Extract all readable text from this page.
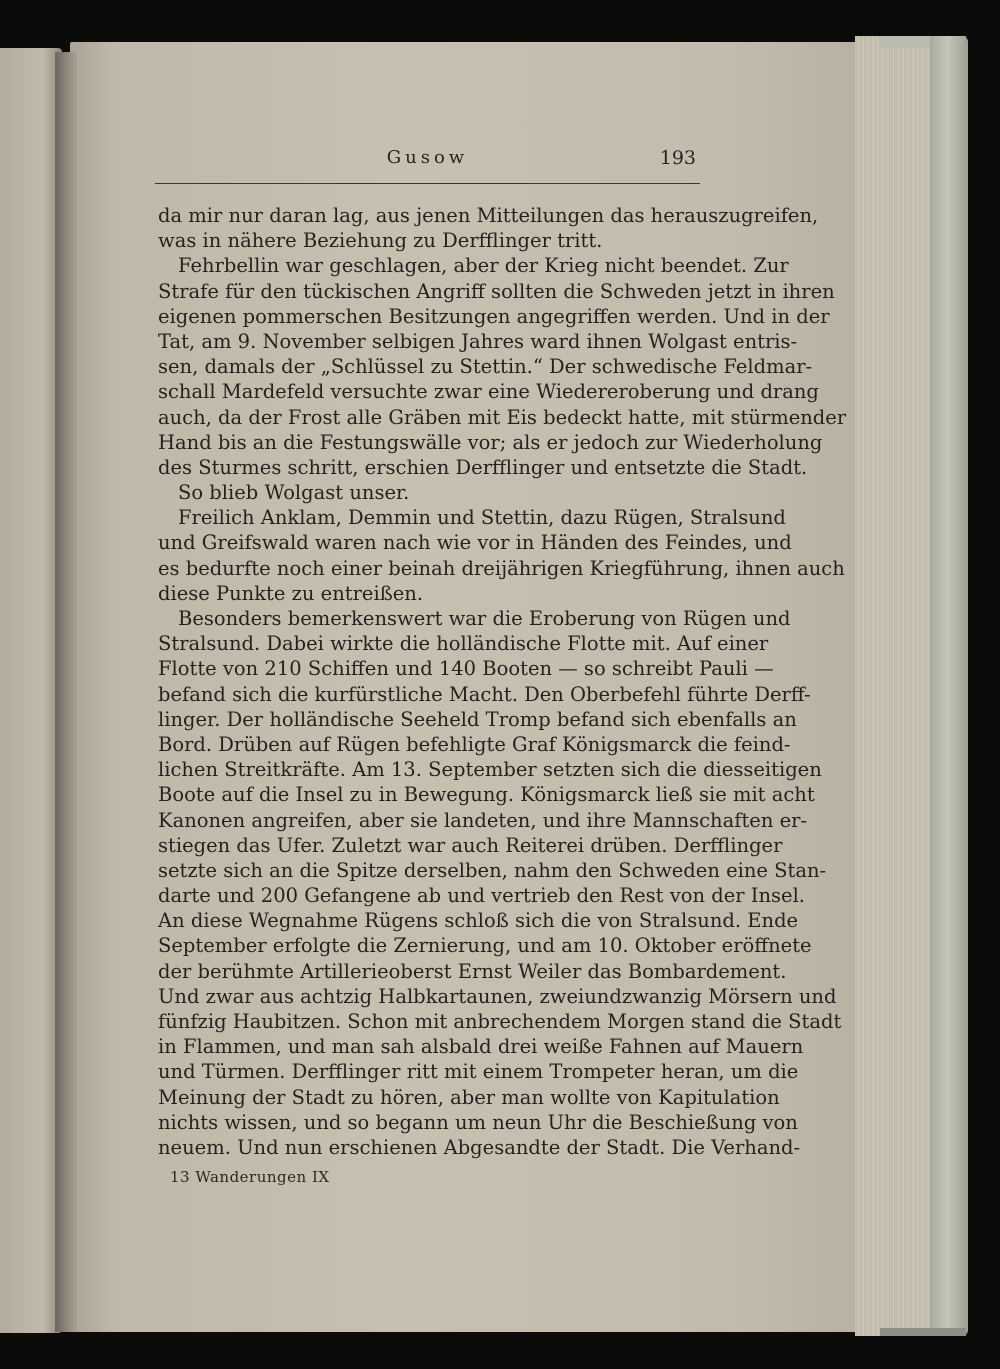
Gusow	193
da mir nur daran lag, aus jenen Mitteilungen das herauszugreifen,
was in nähere Beziehung zu Derfflinger tritt.
Fehrbellin war geschlagen, aber der Krieg nicht beendet. Zur
Strafe für den tückischen Angriff sollten die Schweden jetzt in ihren
eigenen pommerschen Besitzungen angegriffen werden. Und in der
Tat, am 9. November selbigen Jahres ward ihnen Wolgast entris-
sen, damals der „Schlüssel zu Stettin.“ Der schwedische Feldmar-
schall Mardefeld versuchte zwar eine Wiedereroberung und drang
auch, da der Frost alle Gräben mit Eis bedeckt hatte, mit stürmender
Hand bis an die Festungswälle vor; als er jedoch zur Wiederholung
des Sturmes schritt, erschien Derfflinger und entsetzte die Stadt.
So blieb Wolgast unser.
Freilich Anklam, Demmin und Stettin, dazu Rügen, Stralsund
und Greifswald waren nach wie vor in Händen des Feindes, und
es bedurfte noch einer beinah dreijährigen Kriegführung, ihnen auch
diese Punkte zu entreißen.
Besonders bemerkenswert war die Eroberung von Rügen und
Stralsund. Dabei wirkte die holländische Flotte mit. Auf einer
Flotte von 210 Schiffen und 140 Booten — so schreibt Pauli —
befand sich die kurfürstliche Macht. Den Oberbefehl führte Derff-
linger. Der holländische Seeheld Tromp befand sich ebenfalls an
Bord. Drüben auf Rügen befehligte Graf Königsmarck die feind-
lichen Streitkräfte. Am 13. September setzten sich die diesseitigen
Boote auf die Insel zu in Bewegung. Königsmarck ließ sie mit acht
Kanonen angreifen, aber sie landeten, und ihre Mannschaften er-
stiegen das Ufer. Zuletzt war auch Reiterei drüben. Derfflinger
setzte sich an die Spitze derselben, nahm den Schweden eine Stan-
darte und 200 Gefangene ab und vertrieb den Rest von der Insel.
An diese Wegnahme Rügens schloß sich die von Stralsund. Ende
September erfolgte die Zernierung, und am 10. Oktober eröffnete
der berühmte Artillerieoberst Ernst Weiler das Bombardement.
Und zwar aus achtzig Halbkartaunen, zweiundzwanzig Mörsern und
fünfzig Haubitzen. Schon mit anbrechendem Morgen stand die Stadt
in Flammen, und man sah alsbald drei weiße Fahnen auf Mauern
und Türmen. Derfflinger ritt mit einem Trompeter heran, um die
Meinung der Stadt zu hören, aber man wollte von Kapitulation
nichts wissen, und so begann um neun Uhr die Beschießung von
neuem. Und nun erschienen Abgesandte der Stadt. Die Verhand-
13 Wanderungen IX
